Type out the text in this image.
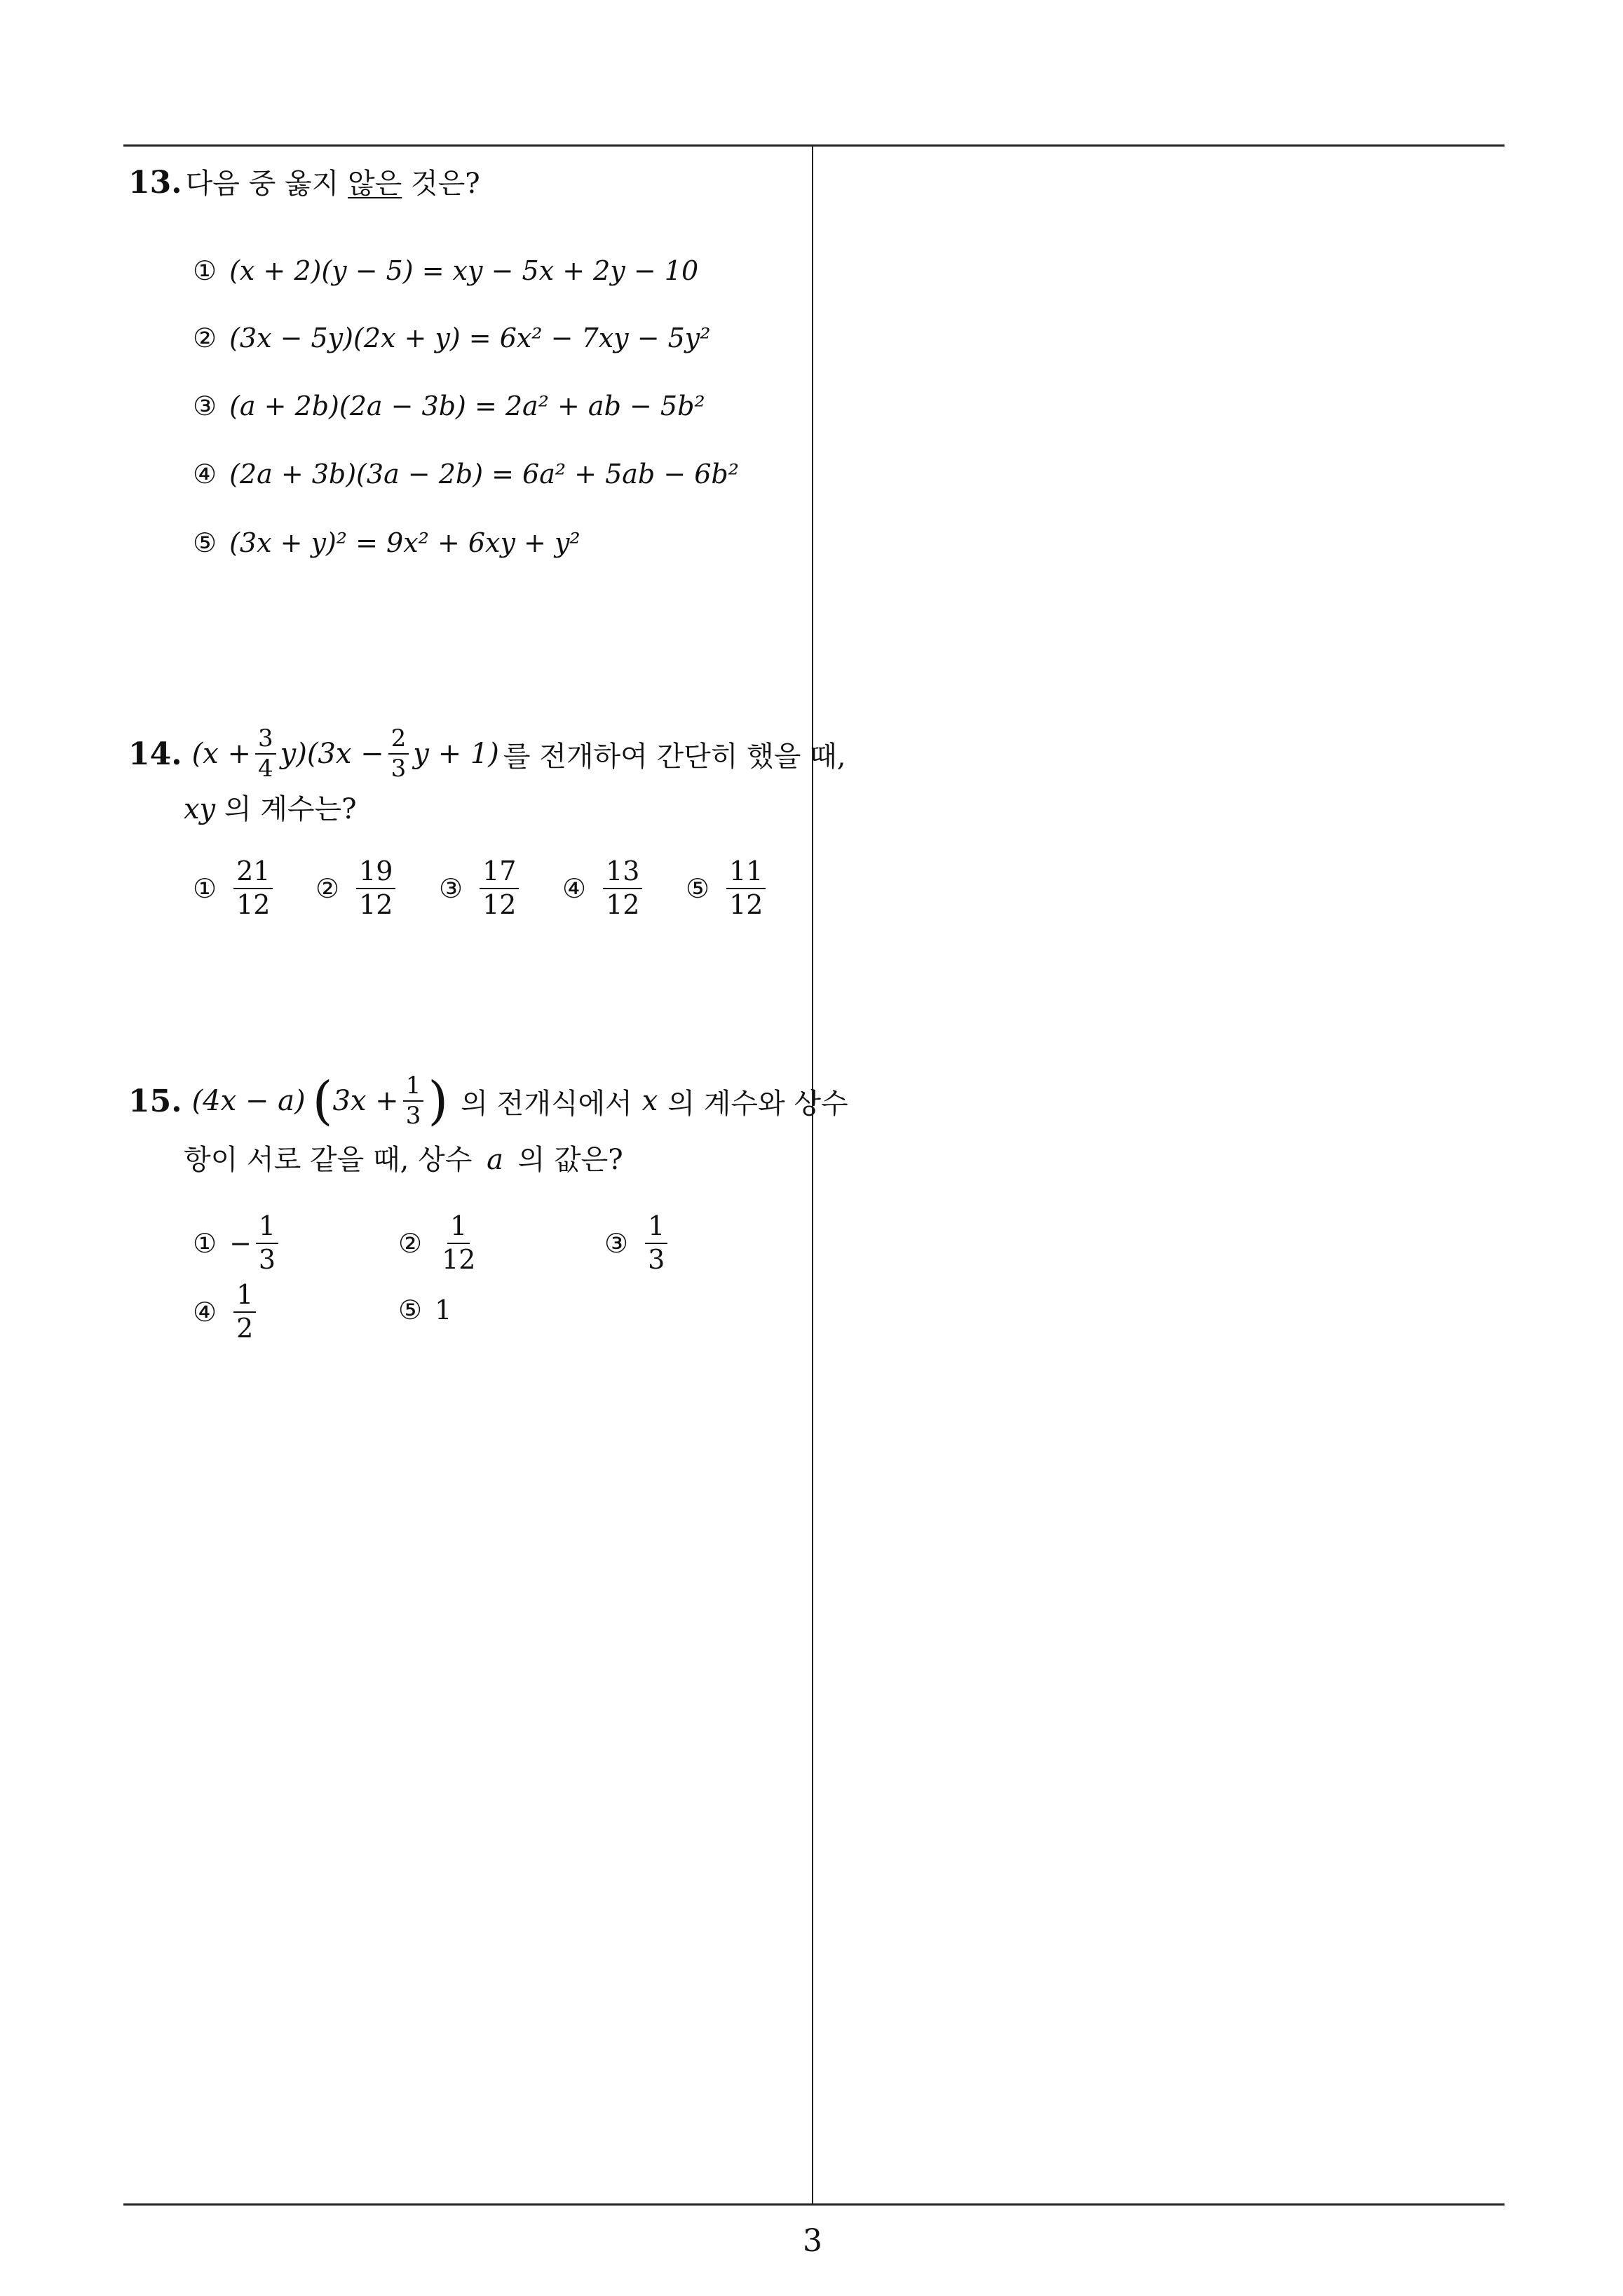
13. 다음 중 옳지 않은 것은?
① (x + 2)(y − 5) = xy − 5x + 2y − 10
② (3x − 5y)(2x + y) = 6x² − 7xy − 5y²
③ (a + 2b)(2a − 3b) = 2a² + ab − 5b²
④ (2a + 3b)(3a − 2b) = 6a² + 5ab − 6b²
⑤ (3x + y)² = 9x² + 6xy + y²
14. $(x + \frac{3}{4} y)(3x - \frac{2}{3}$ y + 1) 를 전개하여 간단히 했을 때,
xy 의 계수는?
① $\frac{21}{12}$ ② $\frac{19}{12}$ ③ $\frac{17}{12}$ ④ $\frac{13}{12}$ ⑤ $\frac{11}{12}$
15. (4x − a) ( $3x + \frac{1}{3}$ ) 의 전개식에서 x 의 계수와 상수
항이 서로 같을 때, 상수 a 의 값은?
① − $\frac{1}{3}$	② $\frac{1}{12}$	③ $\frac{1}{3}$
④ $\frac{1}{2}$	⑤ 1
3
